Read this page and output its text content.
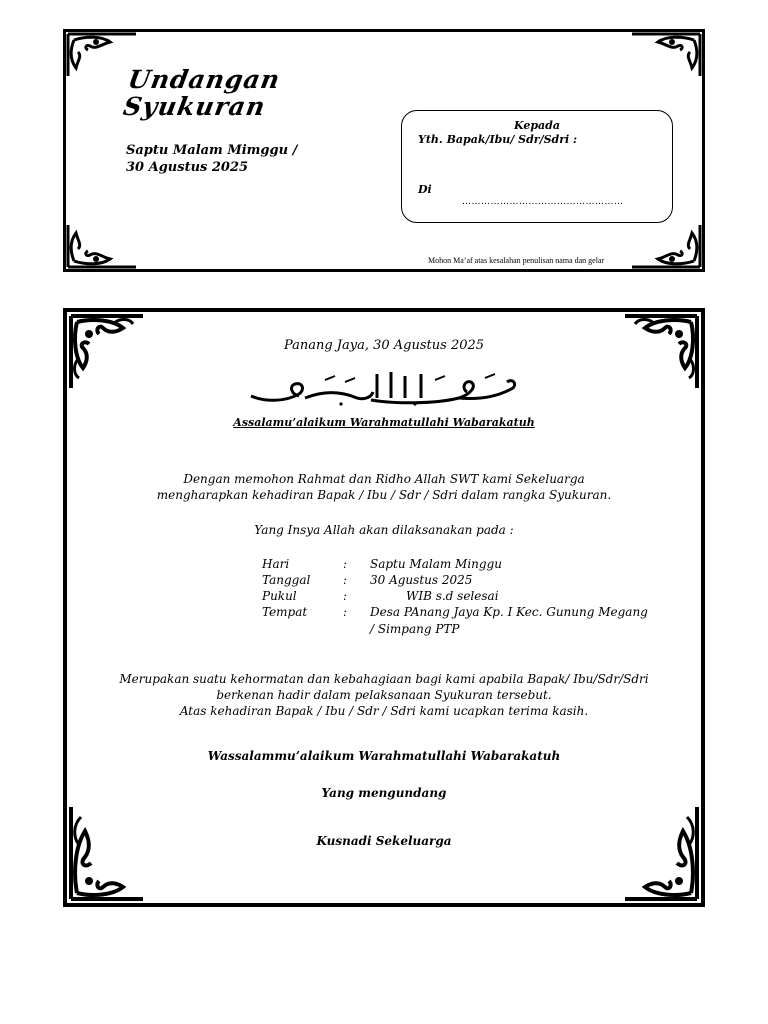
Undangan
Syukuran
Saptu Malam Mimggu /
30 Agustus 2025
Kepada
Yth. Bapak/Ibu/ Sdr/Sdri :
Di
……………………………………………
Mohon Ma’af atas kesalahan penulisan nama dan gelar
Panang Jaya, 30 Agustus 2025
Assalamu’alaikum Warahmatullahi Wabarakatuh
Dengan memohon Rahmat dan Ridho Allah SWT kami Sekeluarga
mengharapkan kehadiran Bapak / Ibu / Sdr / Sdri dalam rangka Syukuran.
Yang Insya Allah akan dilaksanakan pada :
Hari	: Saptu Malam Minggu
Tanggal	: 30 Agustus 2025
Pukul	:	WIB s.d selesai
Tempat	: Desa PAnang Jaya Kp. I Kec. Gunung Megang
/ Simpang PTP
Merupakan suatu kehormatan dan kebahagiaan bagi kami apabila Bapak/ Ibu/Sdr/Sdri
berkenan hadir dalam pelaksanaan Syukuran tersebut.
Atas kehadiran Bapak / Ibu / Sdr / Sdri kami ucapkan terima kasih.
Wassalammu’alaikum Warahmatullahi Wabarakatuh
Yang mengundang
Kusnadi Sekeluarga
